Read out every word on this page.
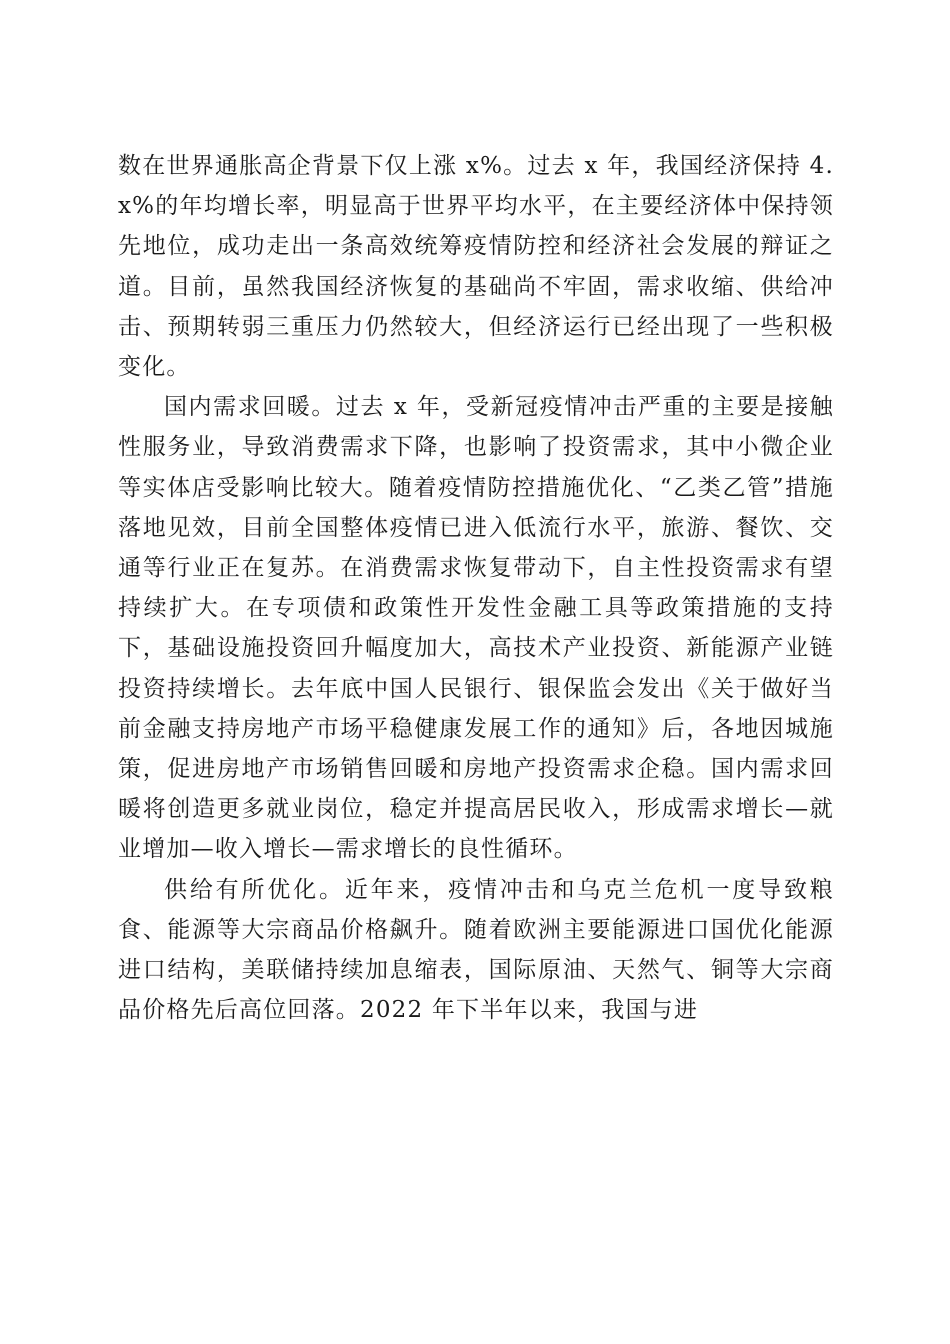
数在世界通胀高企背景下仅上涨 x%。过去 x 年，我国经济保持 4. x%的年均增长率，明显高于世界平均水平，在主要经济体中保持领先地位，成功走出一条高效统筹疫情防控和经济社会发展的辩证之道。目前，虽然我国经济恢复的基础尚不牢固，需求收缩、供给冲击、预期转弱三重压力仍然较大，但经济运行已经出现了一些积极变化。

国内需求回暖。过去 x 年，受新冠疫情冲击严重的主要是接触性服务业，导致消费需求下降，也影响了投资需求，其中小微企业等实体店受影响比较大。随着疫情防控措施优化、“乙类乙管”措施落地见效，目前全国整体疫情已进入低流行水平，旅游、餐饮、交通等行业正在复苏。在消费需求恢复带动下，自主性投资需求有望持续扩大。在专项债和政策性开发性金融工具等政策措施的支持下，基础设施投资回升幅度加大，高技术产业投资、新能源产业链投资持续增长。去年底中国人民银行、银保监会发出《关于做好当前金融支持房地产市场平稳健康发展工作的通知》后，各地因城施策，促进房地产市场销售回暖和房地产投资需求企稳。国内需求回暖将创造更多就业岗位，稳定并提高居民收入，形成需求增长—就业增加—收入增长—需求增长的良性循环。

供给有所优化。近年来，疫情冲击和乌克兰危机一度导致粮食、能源等大宗商品价格飙升。随着欧洲主要能源进口国优化能源进口结构，美联储持续加息缩表，国际原油、天然气、铜等大宗商品价格先后高位回落。2022 年下半年以来，我国与进
